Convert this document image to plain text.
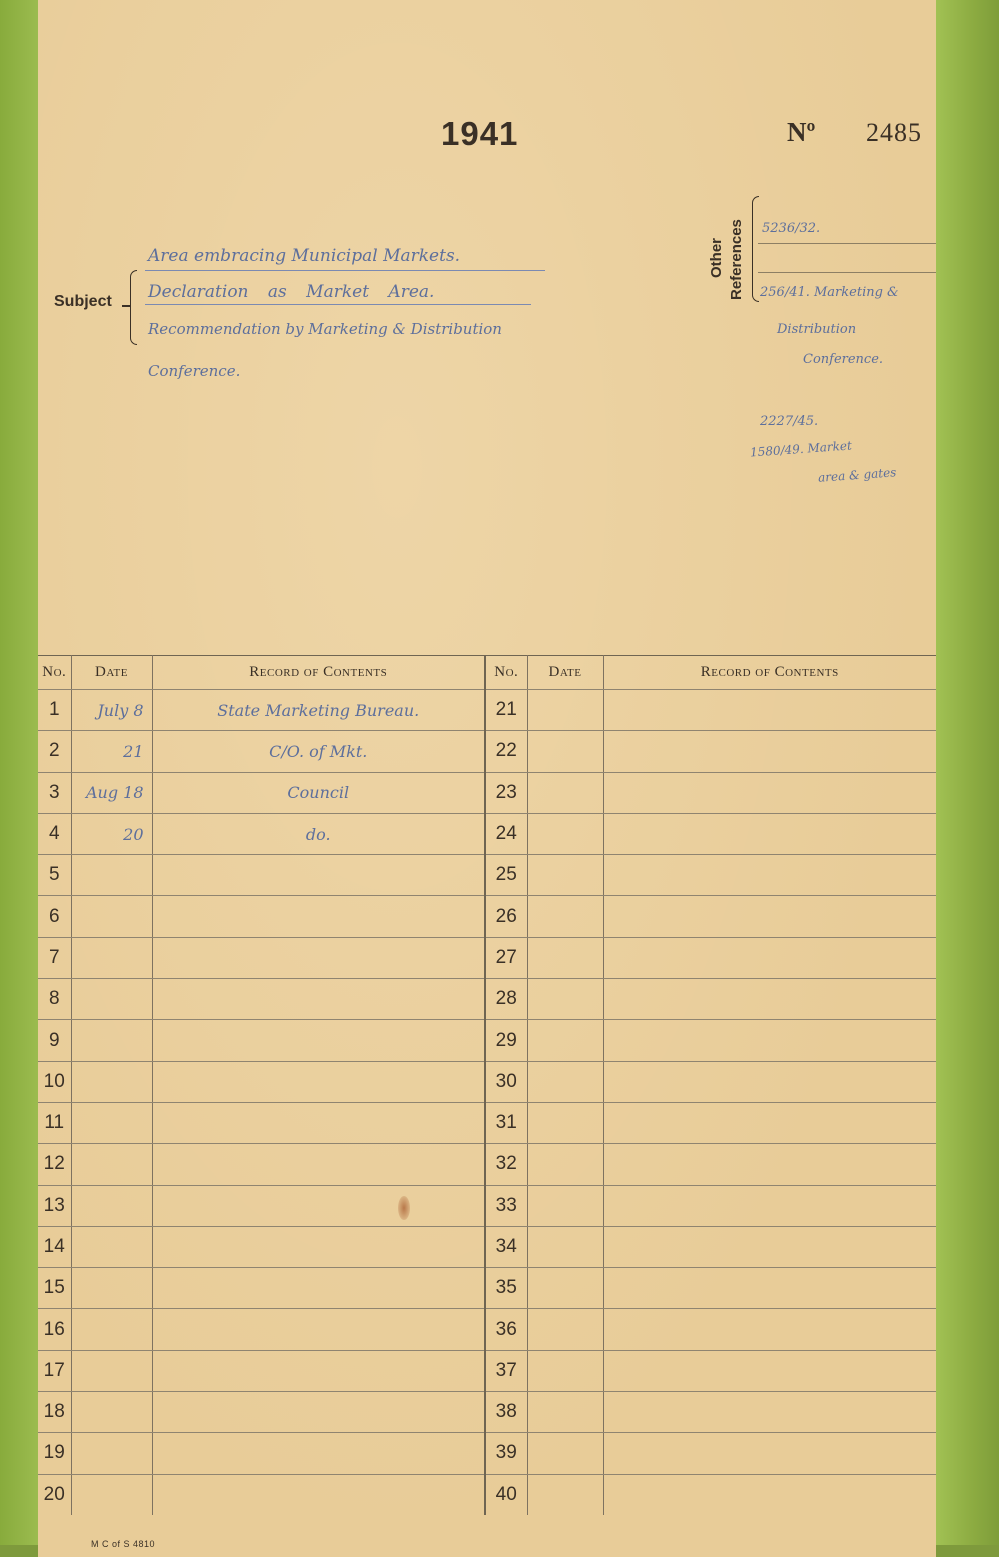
1941	Nº 2485
Subject
Area embracing Municipal Markets.
Declaration as Market Area.
Recommendation by Marketing & Distribution
Conference.
Other References 5236/32.
256/41. Marketing &
Distribution
Conference.
2227/45.
1580/49. Market
area & gates
No.	Date	Record of Contents	No.	Date	Record of Contents
1	July 8	State Marketing Bureau.	21		
2	21	C/O. of Mkt.	22		
3	Aug 18	Council	23		
4	20	do.	24		
5			25		
6			26		
7			27		
8			28		
9			29		
10			30		
11			31		
12			32		
13			33		
14			34		
15			35		
16			36		
17			37		
18			38		
19			39		
20			40		
M C of S 4810
